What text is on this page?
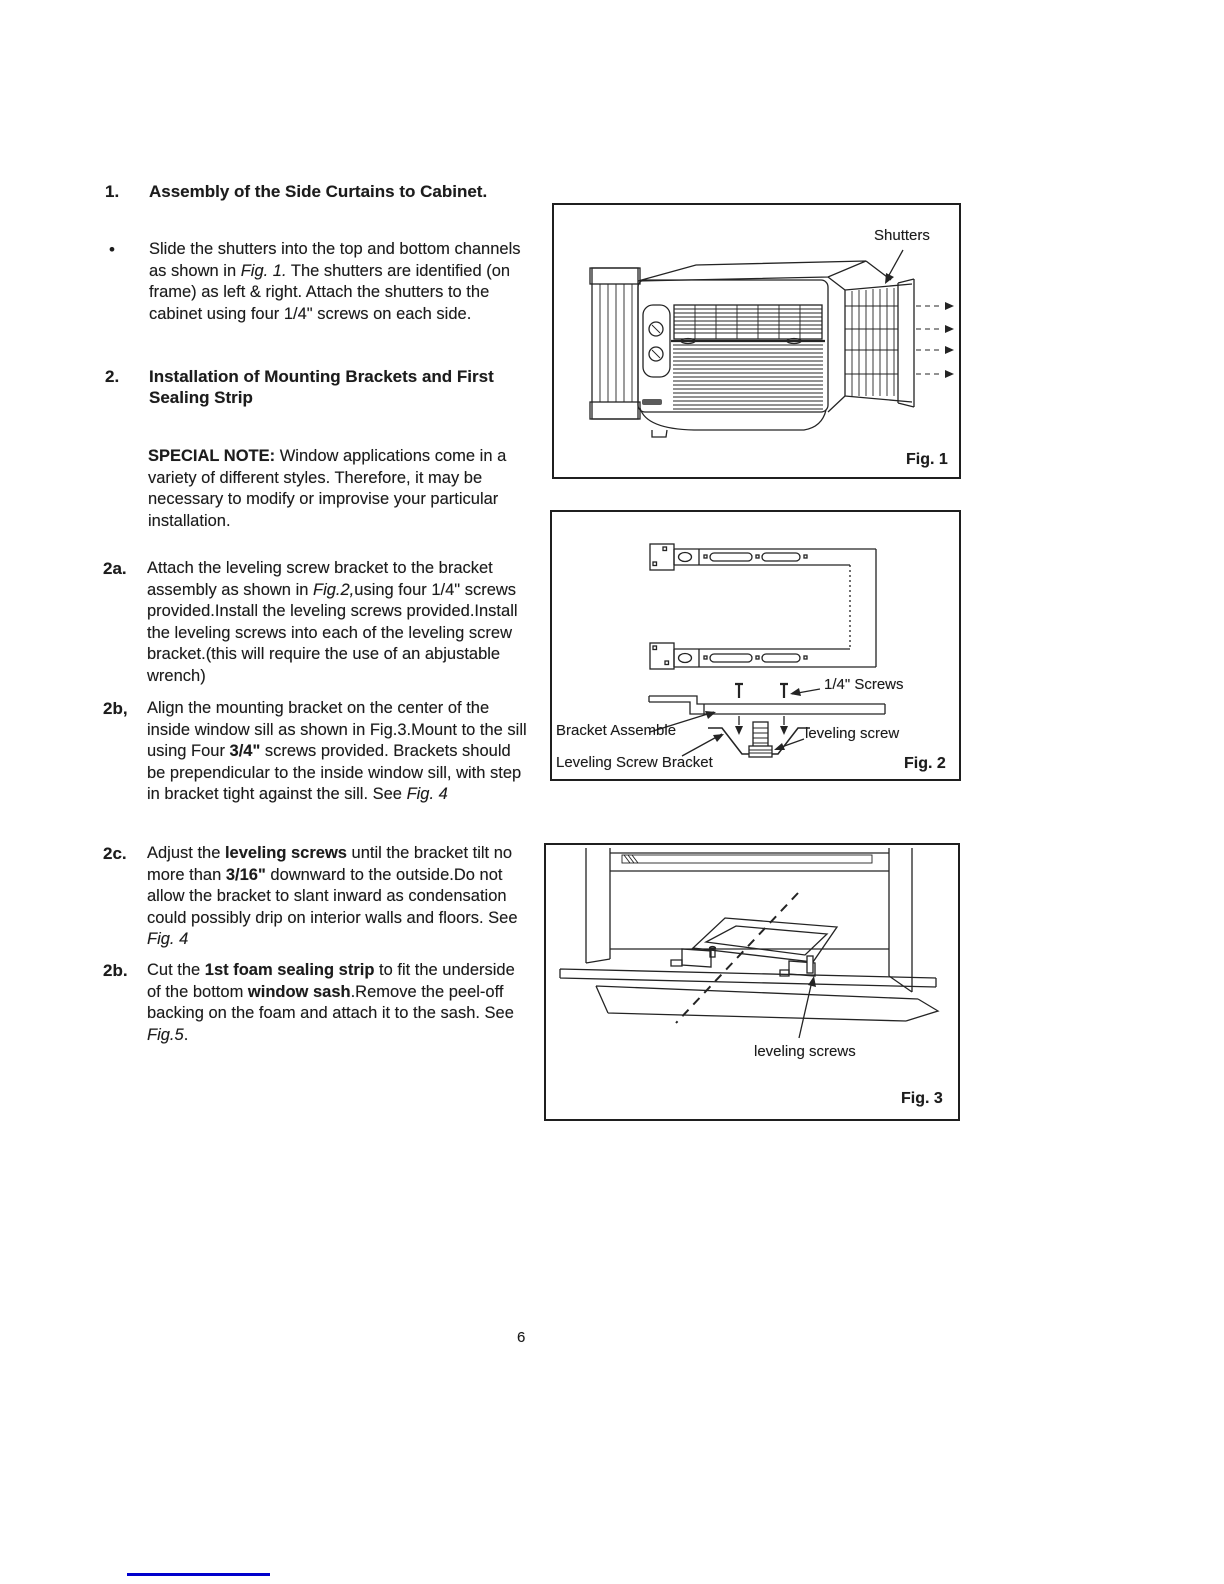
1.	Assembly of the Side Curtains to Cabinet.
•	Slide the shutters into the top and bottom channels as shown in Fig. 1. The shutters are identified (on frame) as left & right. Attach the shutters to the cabinet using four 1/4" screws on each side.
2.	Installation of Mounting Brackets and First Sealing Strip
SPECIAL NOTE: Window applications come in a variety of different styles. Therefore, it may be necessary to modify or improvise your particular installation.
2a.	Attach the leveling screw bracket to the bracket assembly as shown in Fig.2,using four 1/4" screws provided.Install the leveling screws provided.Install the leveling screws into each of the leveling screw bracket.(this will require the use of an abjustable wrench)
2b,	Align the mounting bracket on the center of the inside window sill as shown in Fig.3.Mount to the sill using Four 3/4" screws provided. Brackets should be prependicular to the inside window sill, with step in bracket tight against the sill. See Fig. 4
2c.	Adjust the leveling screws until the bracket tilt no more than 3/16" downward to the outside.Do not allow the bracket to slant inward as condensation could possibly drip on interior walls and floors. See Fig. 4
2b.	Cut the 1st foam sealing strip to fit the underside of the bottom window sash.Remove the peel-off backing on the foam and attach it to the sash. See Fig.5.
Shutters
Fig. 1
1/4" Screws
Bracket Assemble
Leveling Screw Bracket
leveling screw
Fig. 2
leveling screws
Fig. 3
6
